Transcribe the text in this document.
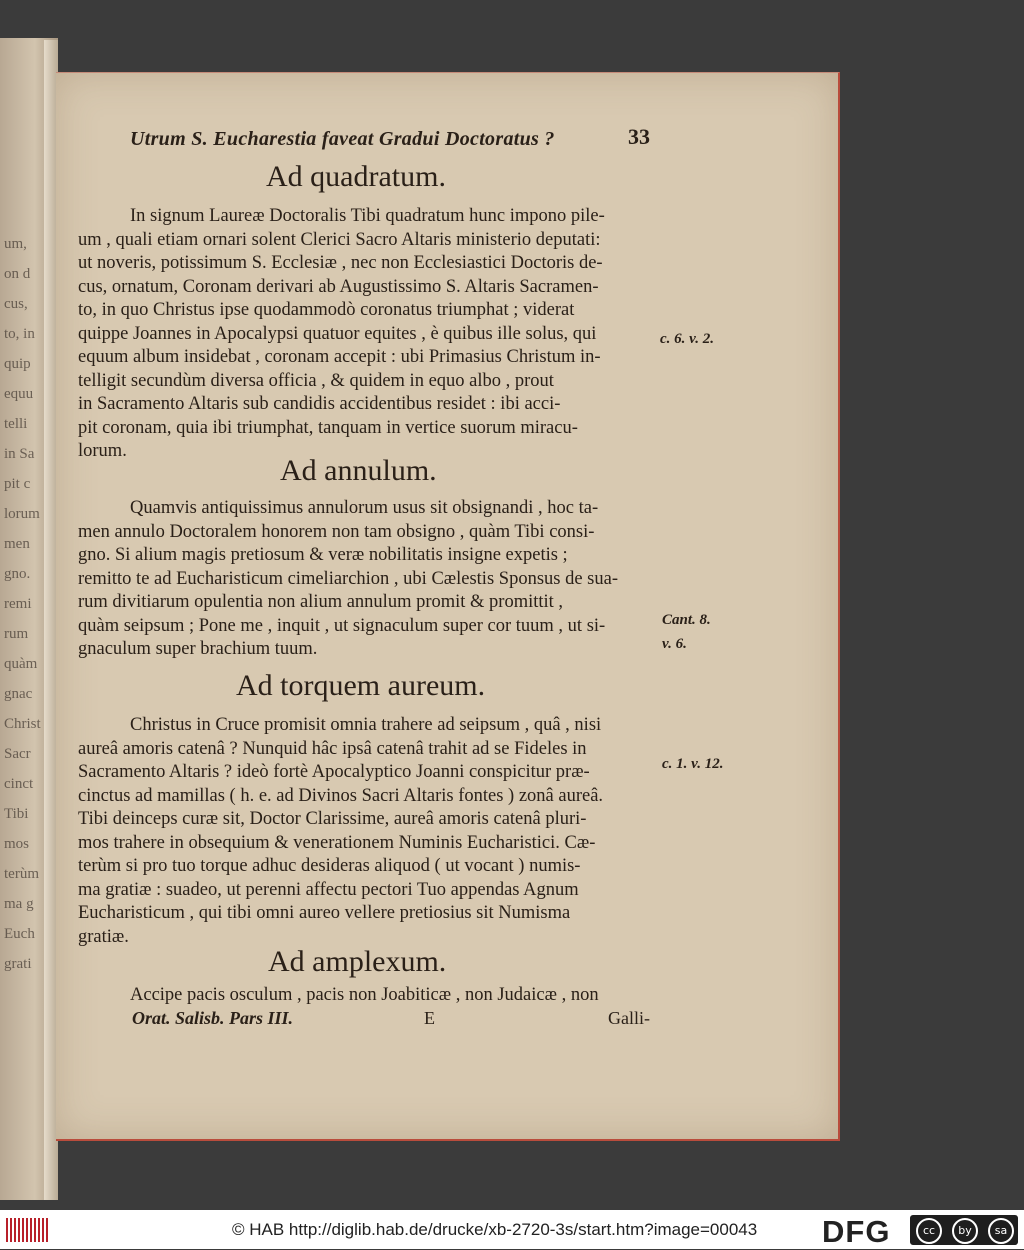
um,
on d
cus,
to, in
quip
equu
telli
in Sa
pit c
lorum
men
gno.
remi
rum
quàm
gnac
Christ
Sacr
cinct
Tibi
mos
terùm
ma g
Euch
grati
Utrum S. Eucharestia faveat Gradui Doctoratus ?	33
Ad quadratum.

In signum Laureæ Doctoralis Tibi quadratum hunc impono pile-

um , quali etiam ornari solent Clerici Sacro Altaris ministerio deputati:

ut noveris, potissimum S. Ecclesiæ , nec non Ecclesiastici Doctoris de-

cus, ornatum, Coronam derivari ab Augustissimo S. Altaris Sacramen-

to, in quo Christus ipse quodammodò coronatus triumphat ; viderat

quippe Joannes in Apocalypsi quatuor equites , è quibus ille solus, qui

equum album insidebat , coronam accepit : ubi Primasius Christum in-

telligit secundùm diversa officia , & quidem in equo albo , prout

in Sacramento Altaris sub candidis accidentibus residet : ibi acci-

pit coronam, quia ibi triumphat, tanquam in vertice suorum miracu-

lorum.

Ad annulum.

Quamvis antiquissimus annulorum usus sit obsignandi , hoc ta-

men annulo Doctoralem honorem non tam obsigno , quàm Tibi consi-

gno. Si alium magis pretiosum & veræ nobilitatis insigne expetis ;

remitto te ad Eucharisticum cimeliarchion , ubi Cælestis Sponsus de sua-

rum divitiarum opulentia non alium annulum promit & promittit ,

quàm seipsum ; Pone me , inquit , ut signaculum super cor tuum , ut si-

gnaculum super brachium tuum.

Ad torquem aureum.

Christus in Cruce promisit omnia trahere ad seipsum , quâ , nisi

aureâ amoris catenâ ? Nunquid hâc ipsâ catenâ trahit ad se Fideles in

Sacramento Altaris ? ideò fortè Apocalyptico Joanni conspicitur præ-

cinctus ad mamillas ( h. e. ad Divinos Sacri Altaris fontes ) zonâ aureâ.

Tibi deinceps curæ sit, Doctor Clarissime, aureâ amoris catenâ pluri-

mos trahere in obsequium & venerationem Numinis Eucharistici. Cæ-

terùm si pro tuo torque adhuc desideras aliquod ( ut vocant ) numis-

ma gratiæ : suadeo, ut perenni affectu pectori Tuo appendas Agnum

Eucharisticum , qui tibi omni aureo vellere pretiosius sit Numisma

gratiæ.

Ad amplexum.

Accipe pacis osculum , pacis non Joabiticæ , non Judaicæ , non

c. 6. v. 2.
Cant. 8.
v. 6.
c. 1. v. 12.
Orat. Salisb. Pars III.	E	Galli-
© HAB http://diglib.hab.de/drucke/xb-2720-3s/start.htm?image=00043 DFG	cc	by	sa
